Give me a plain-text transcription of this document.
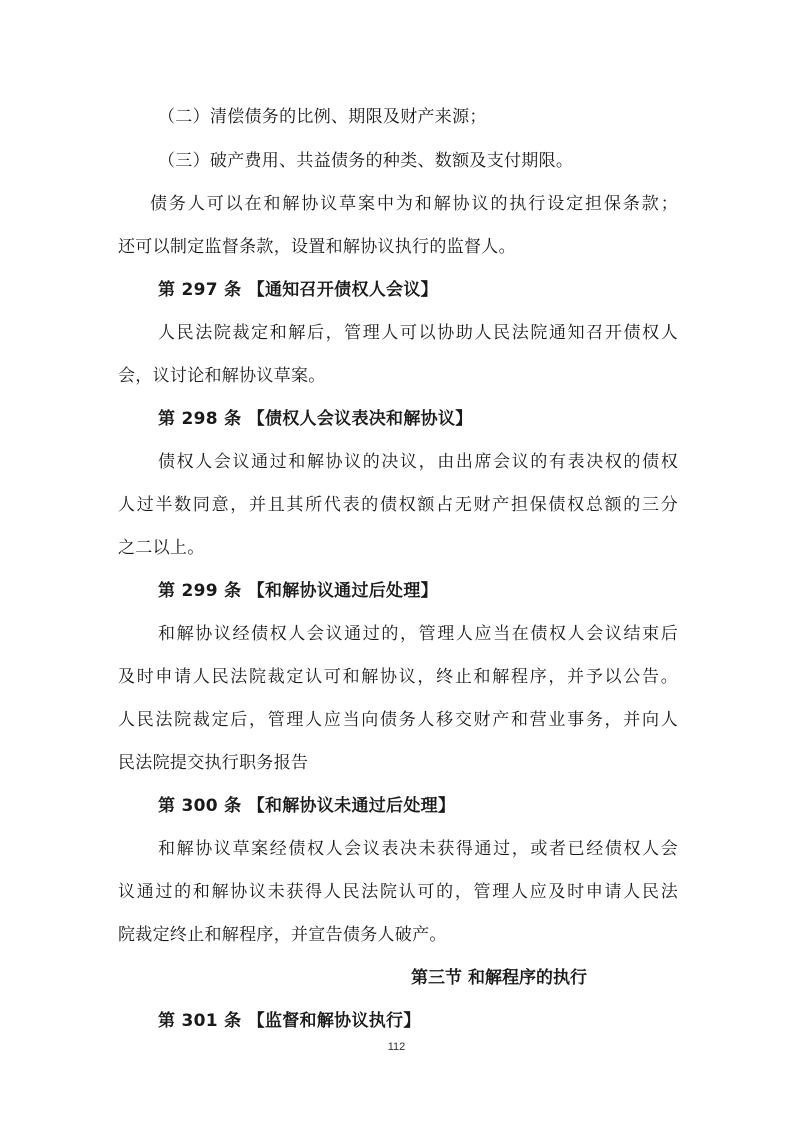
（二）清偿债务的比例、期限及财产来源；
（三）破产费用、共益债务的种类、数额及支付期限。
债务人可以在和解协议草案中为和解协议的执行设定担保条款；
还可以制定监督条款，设置和解协议执行的监督人。
第 297 条 【通知召开债权人会议】
人民法院裁定和解后，管理人可以协助人民法院通知召开债权人
会，议讨论和解协议草案。
第 298 条 【债权人会议表决和解协议】
债权人会议通过和解协议的决议，由出席会议的有表决权的债权
人过半数同意，并且其所代表的债权额占无财产担保债权总额的三分
之二以上。
第 299 条 【和解协议通过后处理】
和解协议经债权人会议通过的，管理人应当在债权人会议结束后
及时申请人民法院裁定认可和解协议，终止和解程序，并予以公告。
人民法院裁定后，管理人应当向债务人移交财产和营业事务，并向人
民法院提交执行职务报告
第 300 条 【和解协议未通过后处理】
和解协议草案经债权人会议表决未获得通过，或者已经债权人会
议通过的和解协议未获得人民法院认可的，管理人应及时申请人民法
院裁定终止和解程序，并宣告债务人破产。
第三节 和解程序的执行
第 301 条 【监督和解协议执行】
112
